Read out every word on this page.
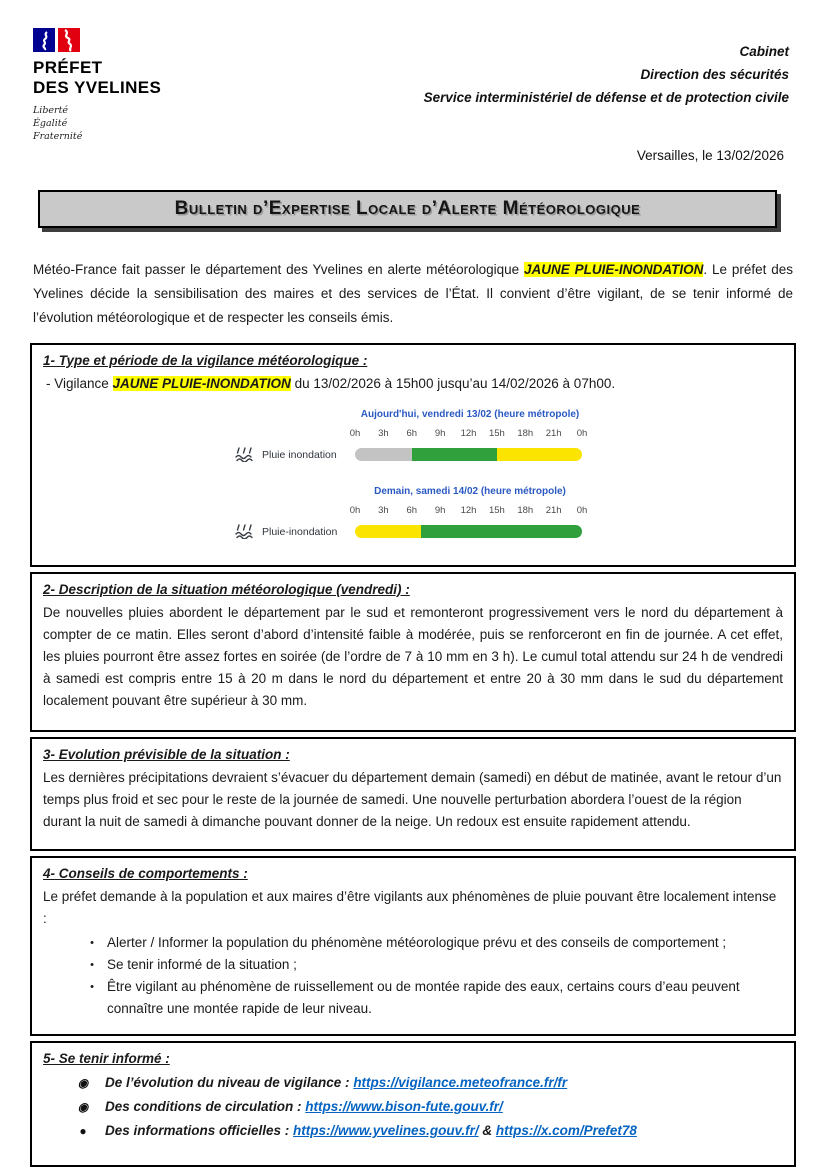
PRÉFET
DES YVELINES
Liberté
Égalité
Fraternité
Cabinet
Direction des sécurités
Service interministériel de défense et de protection civile
Versailles, le 13/02/2026
Bulletin d’Expertise Locale d’Alerte Météorologique

Météo-France fait passer le département des Yvelines en alerte météorologique JAUNE PLUIE-INONDATION. Le préfet des Yvelines décide la sensibilisation des maires et des services de l’État. Il convient d’être vigilant, de se tenir informé de l’évolution météorologique et de respecter les conseils émis.

1- Type et période de la vigilance météorologique :
- Vigilance JAUNE PLUIE-INONDATION du 13/02/2026 à 15h00 jusqu’au 14/02/2026 à 07h00.
Aujourd'hui, vendredi 13/02 (heure métropole)
0h 3h 6h 9h 12h 15h 18h 21h 0h
Pluie inondation
Demain, samedi 14/02 (heure métropole)
0h 3h 6h 9h 12h 15h 18h 21h 0h
Pluie-inondation
2- Description de la situation météorologique (vendredi) :
De nouvelles pluies abordent le département par le sud et remonteront progressivement vers le nord du département à compter de ce matin. Elles seront d’abord d’intensité faible à modérée, puis se renforceront en fin de journée. A cet effet, les pluies pourront être assez fortes en soirée (de l’ordre de 7 à 10 mm en 3 h). Le cumul total attendu sur 24 h de vendredi à samedi est compris entre 15 à 20 m dans le nord du département et entre 20 à 30 mm dans le sud du département localement pouvant être supérieur à 30 mm.
3- Evolution prévisible de la situation :
Les dernières précipitations devraient s’évacuer du département demain (samedi) en début de matinée, avant le retour d’un temps plus froid et sec pour le reste de la journée de samedi. Une nouvelle perturbation abordera l’ouest de la région durant la nuit de samedi à dimanche pouvant donner de la neige. Un redoux est ensuite rapidement attendu.
4- Conseils de comportements :
Le préfet demande à la population et aux maires d’être vigilants aux phénomènes de pluie pouvant être localement intense :
• Alerter / Informer la population du phénomène météorologique prévu et des conseils de comportement ;
• Se tenir informé de la situation ;
• Être vigilant au phénomène de ruissellement ou de montée rapide des eaux, certains cours d’eau peuvent connaître une montée rapide de leur niveau.
5- Se tenir informé :
◉	De l’évolution du niveau de vigilance : https://vigilance.meteofrance.fr/fr
◉	Des conditions de circulation : https://www.bison-fute.gouv.fr/
●	Des informations officielles : https://www.yvelines.gouv.fr/ & https://x.com/Prefet78
